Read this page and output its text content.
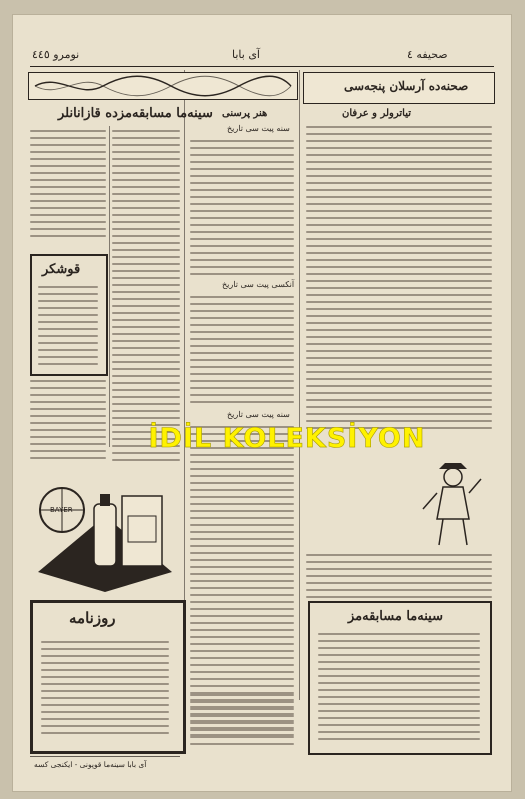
صحیفه ٤
آی بابا
نومرو ٤٤٥
صحنه‌ده آرسلان پنجه‌سی
تیاترولر و عرفان
سینه‌ما مسابقه‌مز
هنر پرسنی
سنه پیت سی تاریخ
آنکسی پیت سی تاریخ
سنه پیت سی تاریخ
سینه‌ما مسابقه‌مزده قازانانلر
قوشکر
BAYER
روزنامه
آی بابا سینه‌ما قوپونی - ایکنجی کسه
İDİL KOLEKSİYON
